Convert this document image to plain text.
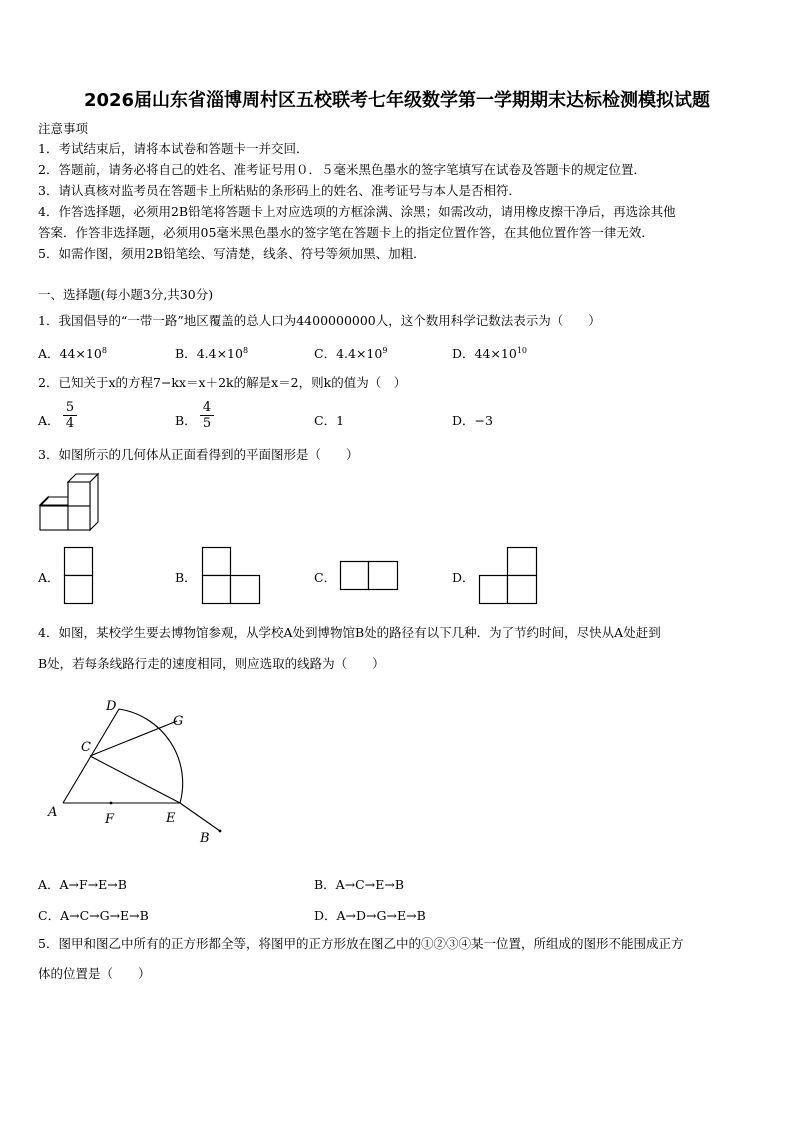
2026届山东省淄博周村区五校联考七年级数学第一学期期末达标检测模拟试题
注意事项
1．考试结束后，请将本试卷和答题卡一并交回．
2．答题前，请务必将自己的姓名、准考证号用０．５毫米黑色墨水的签字笔填写在试卷及答题卡的规定位置．
3．请认真核对监考员在答题卡上所粘贴的条形码上的姓名、准考证号与本人是否相符．
4．作答选择题，必须用2B铅笔将答题卡上对应选项的方框涂满、涂黑；如需改动，请用橡皮擦干净后，再选涂其他
答案．作答非选择题，必须用05毫米黑色墨水的签字笔在答题卡上的指定位置作答，在其他位置作答一律无效．
5．如需作图，须用2B铅笔绘、写清楚，线条、符号等须加黑、加粗．
一、选择题(每小题3分,共30分)
1．我国倡导的“一带一路”地区覆盖的总人口为4400000000人，这个数用科学记数法表示为（　　）
A．$44\times 10^8$	B．$4.4\times 10^8$	C．$4.4\times 10^9$	D．$44\times 10^{10}$
2．已知关于x的方程7−kx＝x＋2k的解是x＝2，则k的值为（　）
A． $\frac{5}{4}$	B． $\frac{4}{5}$	C．1	D．−3
3．如图所示的几何体从正面看得到的平面图形是（　　）
A．	B．	C．	D．
4．如图，某校学生要去博物馆参观，从学校A处到博物馆B处的路径有以下几种．为了节约时间，尽快从A处赶到
B处，若每条线路行走的速度相同，则应选取的线路为（　　）
D
G
C
A	F	E
B
A．A→F→E→B	B．A→C→E→B
C．A→C→G→E→B	D．A→D→G→E→B
5．图甲和图乙中所有的正方形都全等，将图甲的正方形放在图乙中的①②③④某一位置，所组成的图形不能围成正方
体的位置是（　　）
